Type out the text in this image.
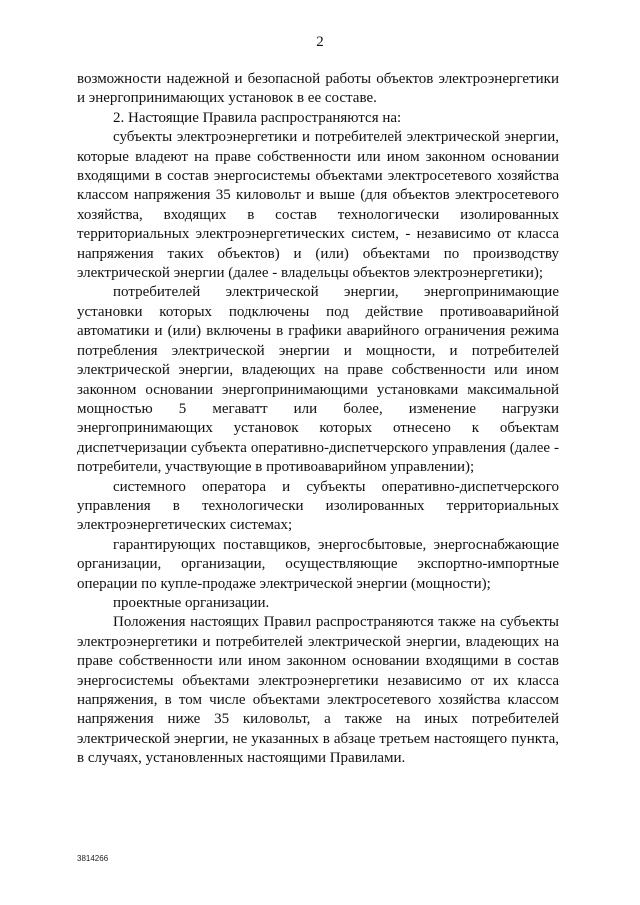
2

возможности надежной и безопасной работы объектов электроэнергетики и энергопринимающих установок в ее составе.

2. Настоящие Правила распространяются на:

субъекты электроэнергетики и потребителей электрической энергии, которые владеют на праве собственности или ином законном основании входящими в состав энергосистемы объектами электросетевого хозяйства классом напряжения 35 киловольт и выше (для объектов электросетевого хозяйства, входящих в состав технологически изолированных территориальных электроэнергетических систем, - независимо от класса напряжения таких объектов) и (или) объектами по производству электрической энергии (далее - владельцы объектов электроэнергетики);

потребителей электрической энергии, энергопринимающие установки которых подключены под действие противоаварийной автоматики и (или) включены в графики аварийного ограничения режима потребления электрической энергии и мощности, и потребителей электрической энергии, владеющих на праве собственности или ином законном основании энергопринимающими установками максимальной мощностью 5 мегаватт или более, изменение нагрузки энергопринимающих установок которых отнесено к объектам диспетчеризации субъекта оперативно-диспетчерского управления (далее - потребители, участвующие в противоаварийном управлении);

системного оператора и субъекты оперативно-диспетчерского управления в технологически изолированных территориальных электроэнергетических системах;

гарантирующих поставщиков, энергосбытовые, энергоснабжающие организации, организации, осуществляющие экспортно-импортные операции по купле-продаже электрической энергии (мощности);

проектные организации.

Положения настоящих Правил распространяются также на субъекты электроэнергетики и потребителей электрической энергии, владеющих на праве собственности или ином законном основании входящими в состав энергосистемы объектами электроэнергетики независимо от их класса напряжения, в том числе объектами электросетевого хозяйства классом напряжения ниже 35 киловольт, а также на иных потребителей электрической энергии, не указанных в абзаце третьем настоящего пункта, в случаях, установленных настоящими Правилами.

3814266
